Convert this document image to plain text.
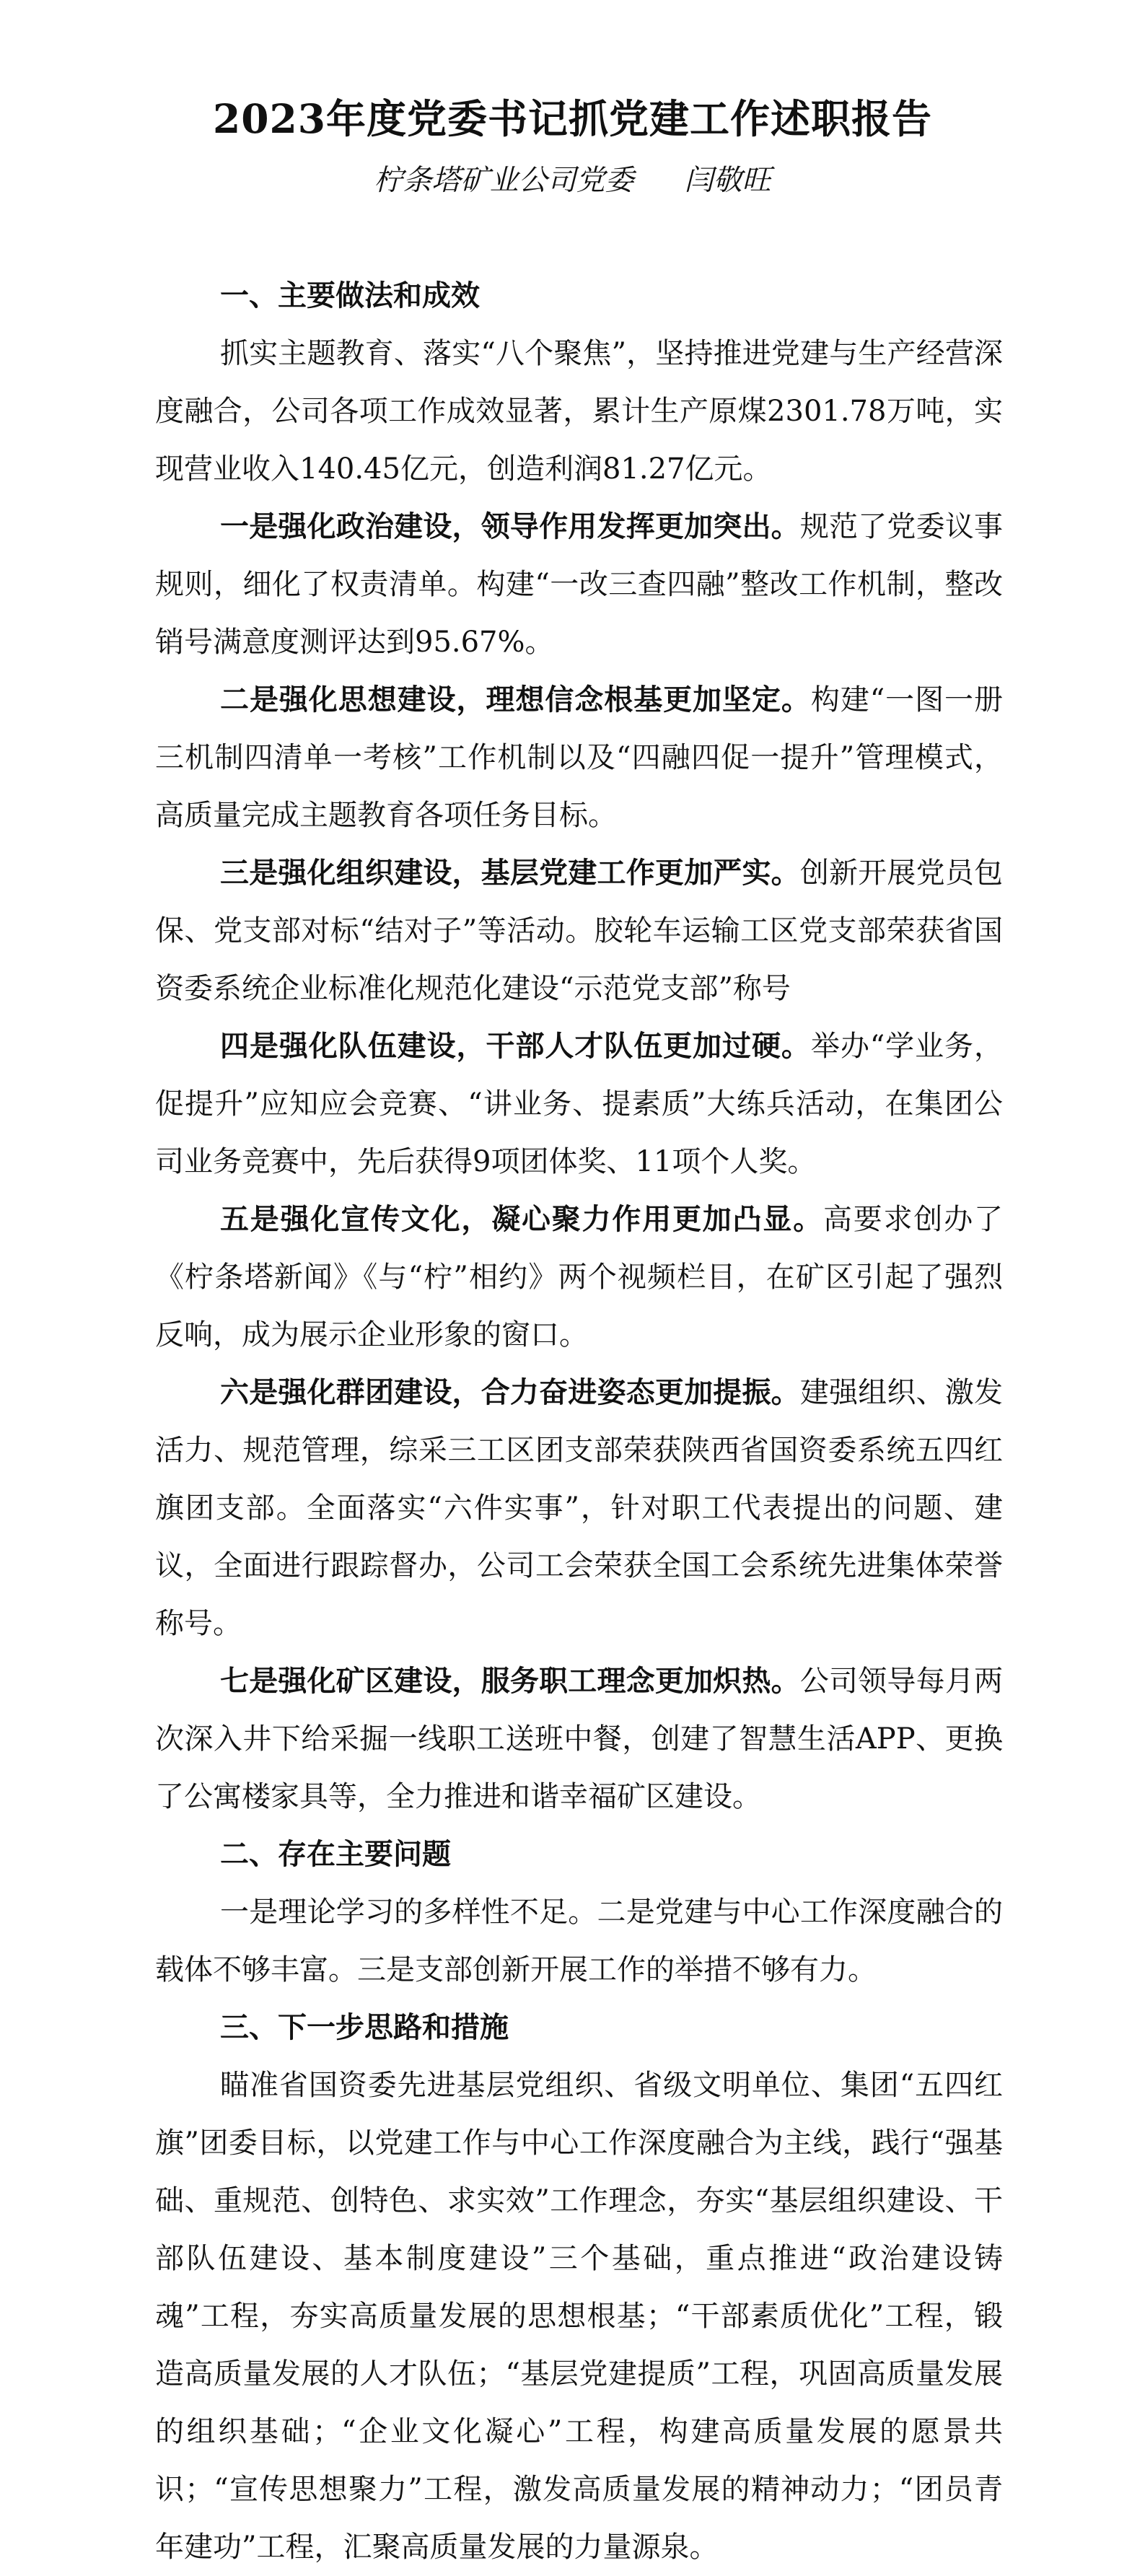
2023年度党委书记抓党建工作述职报告
柠条塔矿业公司党委 闫敬旺

一、主要做法和成效

抓实主题教育、落实“八个聚焦”，坚持推进党建与生产经营深度融合，公司各项工作成效显著，累计生产原煤2301.78万吨，实现营业收入140.45亿元，创造利润81.27亿元。

一是强化政治建设，领导作用发挥更加突出。规范了党委议事规则，细化了权责清单。构建“一改三查四融”整改工作机制，整改销号满意度测评达到95.67%。

二是强化思想建设，理想信念根基更加坚定。构建“一图一册三机制四清单一考核”工作机制以及“四融四促一提升”管理模式，高质量完成主题教育各项任务目标。

三是强化组织建设，基层党建工作更加严实。创新开展党员包保、党支部对标“结对子”等活动。胶轮车运输工区党支部荣获省国资委系统企业标准化规范化建设“示范党支部”称号

四是强化队伍建设，干部人才队伍更加过硬。举办“学业务，促提升”应知应会竞赛、“讲业务、提素质”大练兵活动，在集团公司业务竞赛中，先后获得9项团体奖、11项个人奖。

五是强化宣传文化，凝心聚力作用更加凸显。高要求创办了《柠条塔新闻》《与“柠”相约》两个视频栏目，在矿区引起了强烈反响，成为展示企业形象的窗口。

六是强化群团建设，合力奋进姿态更加提振。建强组织、激发活力、规范管理，综采三工区团支部荣获陕西省国资委系统五四红旗团支部。全面落实“六件实事”，针对职工代表提出的问题、建议，全面进行跟踪督办，公司工会荣获全国工会系统先进集体荣誉称号。

七是强化矿区建设，服务职工理念更加炽热。公司领导每月两次深入井下给采掘一线职工送班中餐，创建了智慧生活APP、更换了公寓楼家具等，全力推进和谐幸福矿区建设。

二、存在主要问题

一是理论学习的多样性不足。二是党建与中心工作深度融合的载体不够丰富。三是支部创新开展工作的举措不够有力。

三、下一步思路和措施

瞄准省国资委先进基层党组织、省级文明单位、集团“五四红旗”团委目标，以党建工作与中心工作深度融合为主线，践行“强基础、重规范、创特色、求实效”工作理念，夯实“基层组织建设、干部队伍建设、基本制度建设”三个基础，重点推进“政治建设铸魂”工程，夯实高质量发展的思想根基；“干部素质优化”工程，锻造高质量发展的人才队伍；“基层党建提质”工程，巩固高质量发展的组织基础；“企业文化凝心”工程，构建高质量发展的愿景共识；“宣传思想聚力”工程，激发高质量发展的精神动力；“团员青年建功”工程，汇聚高质量发展的力量源泉。
